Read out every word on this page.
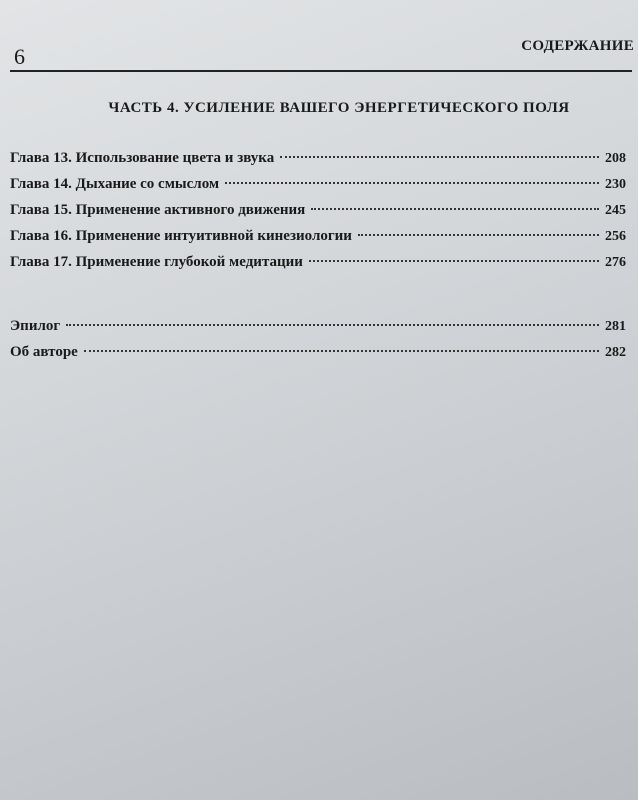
6	СОДЕРЖАНИЕ
ЧАСТЬ 4. УСИЛЕНИЕ ВАШЕГО ЭНЕРГЕТИЧЕСКОГО ПОЛЯ
Глава 13. Использование цвета и звука	208
Глава 14. Дыхание со смыслом	230
Глава 15. Применение активного движения	245
Глава 16. Применение интуитивной кинезиологии	256
Глава 17. Применение глубокой медитации	276
Эпилог	281
Об авторе	282
